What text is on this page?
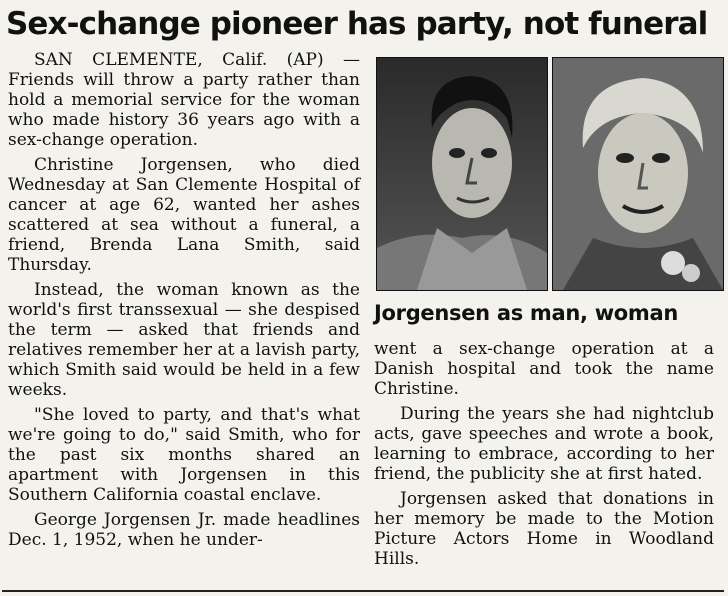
Sex-change pioneer has party, not funeral

SAN CLEMENTE, Calif. (AP) — Friends will throw a party rather than hold a memorial service for the woman who made history 36 years ago with a sex-change operation.

Christine Jorgensen, who died Wednesday at San Clemente Hospital of cancer at age 62, wanted her ashes scattered at sea without a funeral, a friend, Brenda Lana Smith, said Thursday.

Instead, the woman known as the world's first transsexual — she despised the term — asked that friends and relatives remember her at a lavish party, which Smith said would be held in a few weeks.

"She loved to party, and that's what we're going to do," said Smith, who for the past six months shared an apartment with Jorgensen in this Southern California coastal enclave.

George Jorgensen Jr. made headlines Dec. 1, 1952, when he under-

Jorgensen as man, woman

went a sex-change operation at a Danish hospital and took the name Christine.

During the years she had nightclub acts, gave speeches and wrote a book, learning to embrace, according to her friend, the publicity she at first hated.

Jorgensen asked that donations in her memory be made to the Motion Picture Actors Home in Woodland Hills.
